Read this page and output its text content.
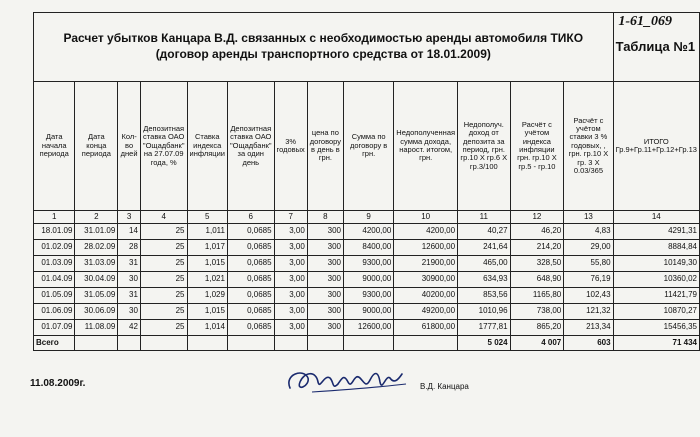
1-61_069
Расчет убытков Канцара В.Д. связанных с необходимостью аренды автомобиля ТИКО
(договор аренды транспортного средства от 18.01.2009)													Таблица №1
Дата начала периода	Дата конца периода	Кол-во дней	Депозитная ставка ОАО "Ощадбанк" на 27.07.09 года, %	Ставка индекса инфляции	Депозитная ставка ОАО "Ощадбанк" за один день	3% годовых	цена по договору в день в грн.	Сумма по договору в грн.	Недополученная сумма дохода, нарост. итогом, грн.	Недополуч. доход от депозита за период, грн. гр.10 Х гр.6 Х гр.3/100	Расчёт с учётом индекса инфляции грн. гр.10 Х гр.5 - гр.10	Расчёт с учётом ставки 3 % годовых, , грн. гр.10 Х гр. 3 Х 0.03/365	ИТОГО Гр.9+Гр.11+Гр.12+Гр.13
1	2	3	4	5	6	7	8	9	10	11	12	13	14
18.01.09	31.01.09	14	25	1,011	0,0685	3,00	300	4200,00	4200,00	40,27	46,20	4,83	4291,31
01.02.09	28.02.09	28	25	1,017	0,0685	3,00	300	8400,00	12600,00	241,64	214,20	29,00	8884,84
01.03.09	31.03.09	31	25	1,015	0,0685	3,00	300	9300,00	21900,00	465,00	328,50	55,80	10149,30
01.04.09	30.04.09	30	25	1,021	0,0685	3,00	300	9000,00	30900,00	634,93	648,90	76,19	10360,02
01.05.09	31.05.09	31	25	1,029	0,0685	3,00	300	9300,00	40200,00	853,56	1165,80	102,43	11421,79
01.06.09	30.06.09	30	25	1,015	0,0685	3,00	300	9000,00	49200,00	1010,96	738,00	121,32	10870,27
01.07.09	11.08.09	42	25	1,014	0,0685	3,00	300	12600,00	61800,00	1777,81	865,20	213,34	15456,35
Всего										5 024	4 007	603	71 434
11.08.2009г.	В.Д. Канцара
